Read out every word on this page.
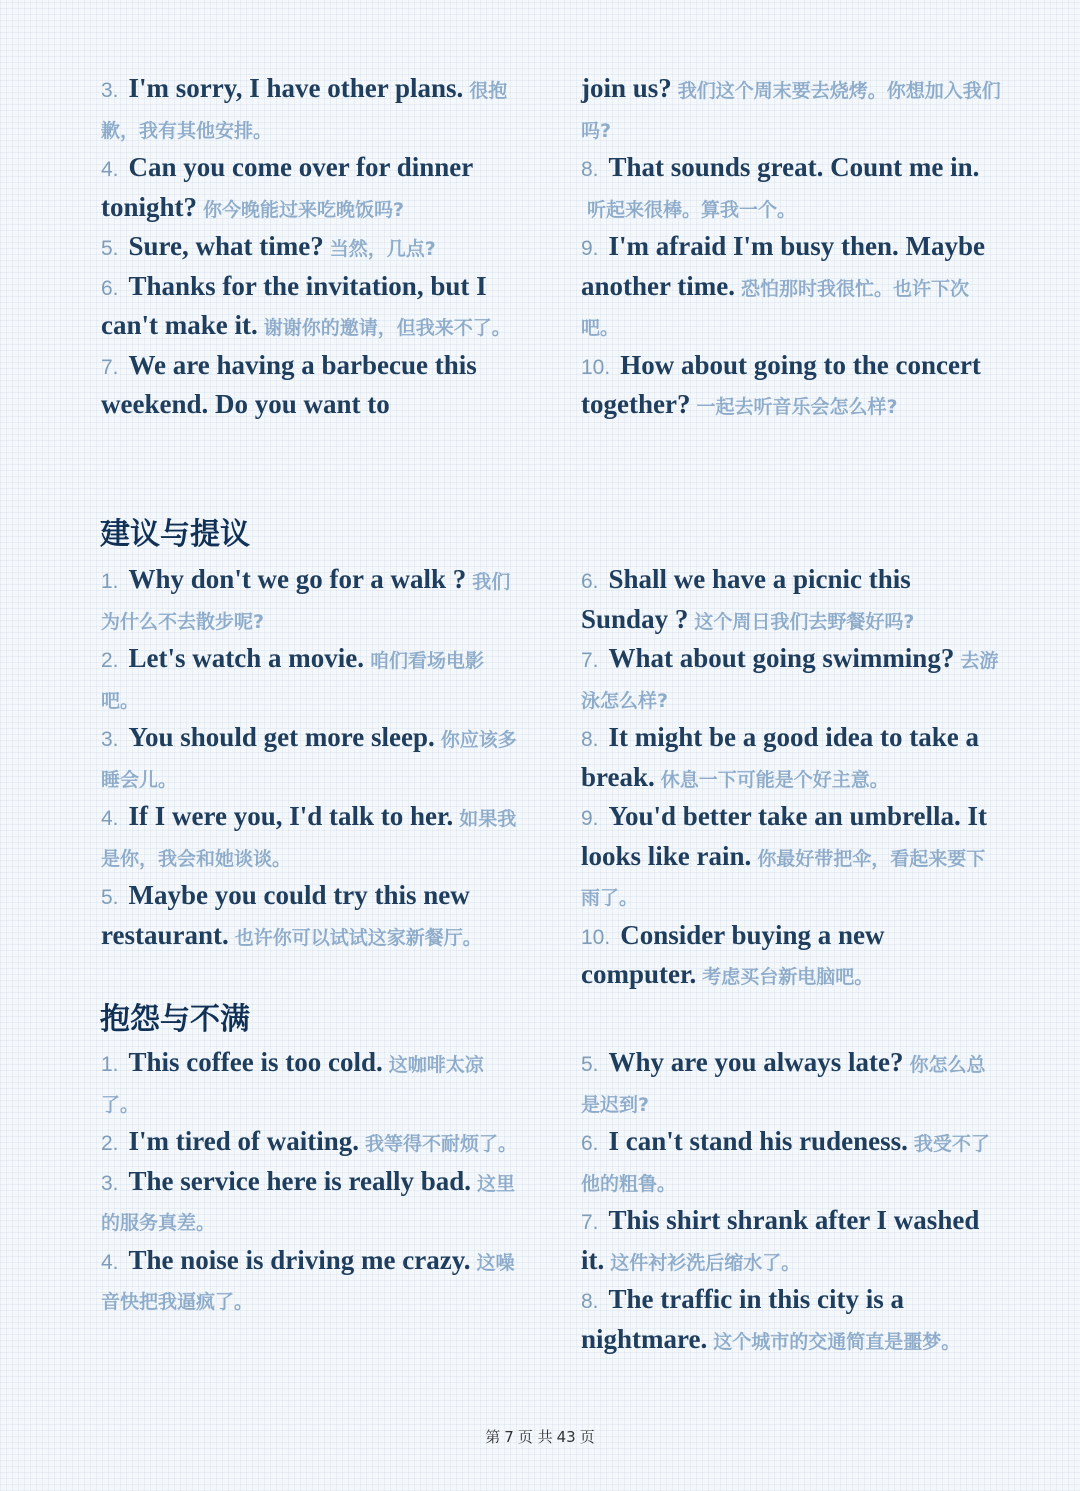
3. I'm sorry, I have other plans. 很抱歉，我有其他安排。

4. Can you come over for dinner tonight? 你今晚能过来吃晚饭吗?

5. Sure, what time? 当然，几点?

6. Thanks for the invitation, but I can't make it. 谢谢你的邀请，但我来不了。

7. We are having a barbecue this weekend. Do you want to

join us? 我们这个周末要去烧烤。你想加入我们吗?

8. That sounds great. Count me in.听起来很棒。算我一个。

9. I'm afraid I'm busy then. Maybe another time. 恐怕那时我很忙。也许下次吧。

10. How about going to the concert together? 一起去听音乐会怎么样?

建议与提议

1. Why don't we go for a walk ? 我们为什么不去散步呢?

2. Let's watch a movie. 咱们看场电影吧。

3. You should get more sleep. 你应该多睡会儿。

4. If I were you, I'd talk to her. 如果我是你，我会和她谈谈。

5. Maybe you could try this new restaurant. 也许你可以试试这家新餐厅。

6. Shall we have a picnic this Sunday ? 这个周日我们去野餐好吗?

7. What about going swimming? 去游泳怎么样?

8. It might be a good idea to take a break. 休息一下可能是个好主意。

9. You'd better take an umbrella. It looks like rain. 你最好带把伞，看起来要下雨了。

10. Consider buying a new computer. 考虑买台新电脑吧。

抱怨与不满

1. This coffee is too cold. 这咖啡太凉了。

2. I'm tired of waiting. 我等得不耐烦了。

3. The service here is really bad. 这里的服务真差。

4. The noise is driving me crazy. 这噪音快把我逼疯了。

5. Why are you always late? 你怎么总是迟到?

6. I can't stand his rudeness. 我受不了他的粗鲁。

7. This shirt shrank after I washed it. 这件衬衫洗后缩水了。

8. The traffic in this city is a nightmare. 这个城市的交通简直是噩梦。

第 7 页 共 43 页
